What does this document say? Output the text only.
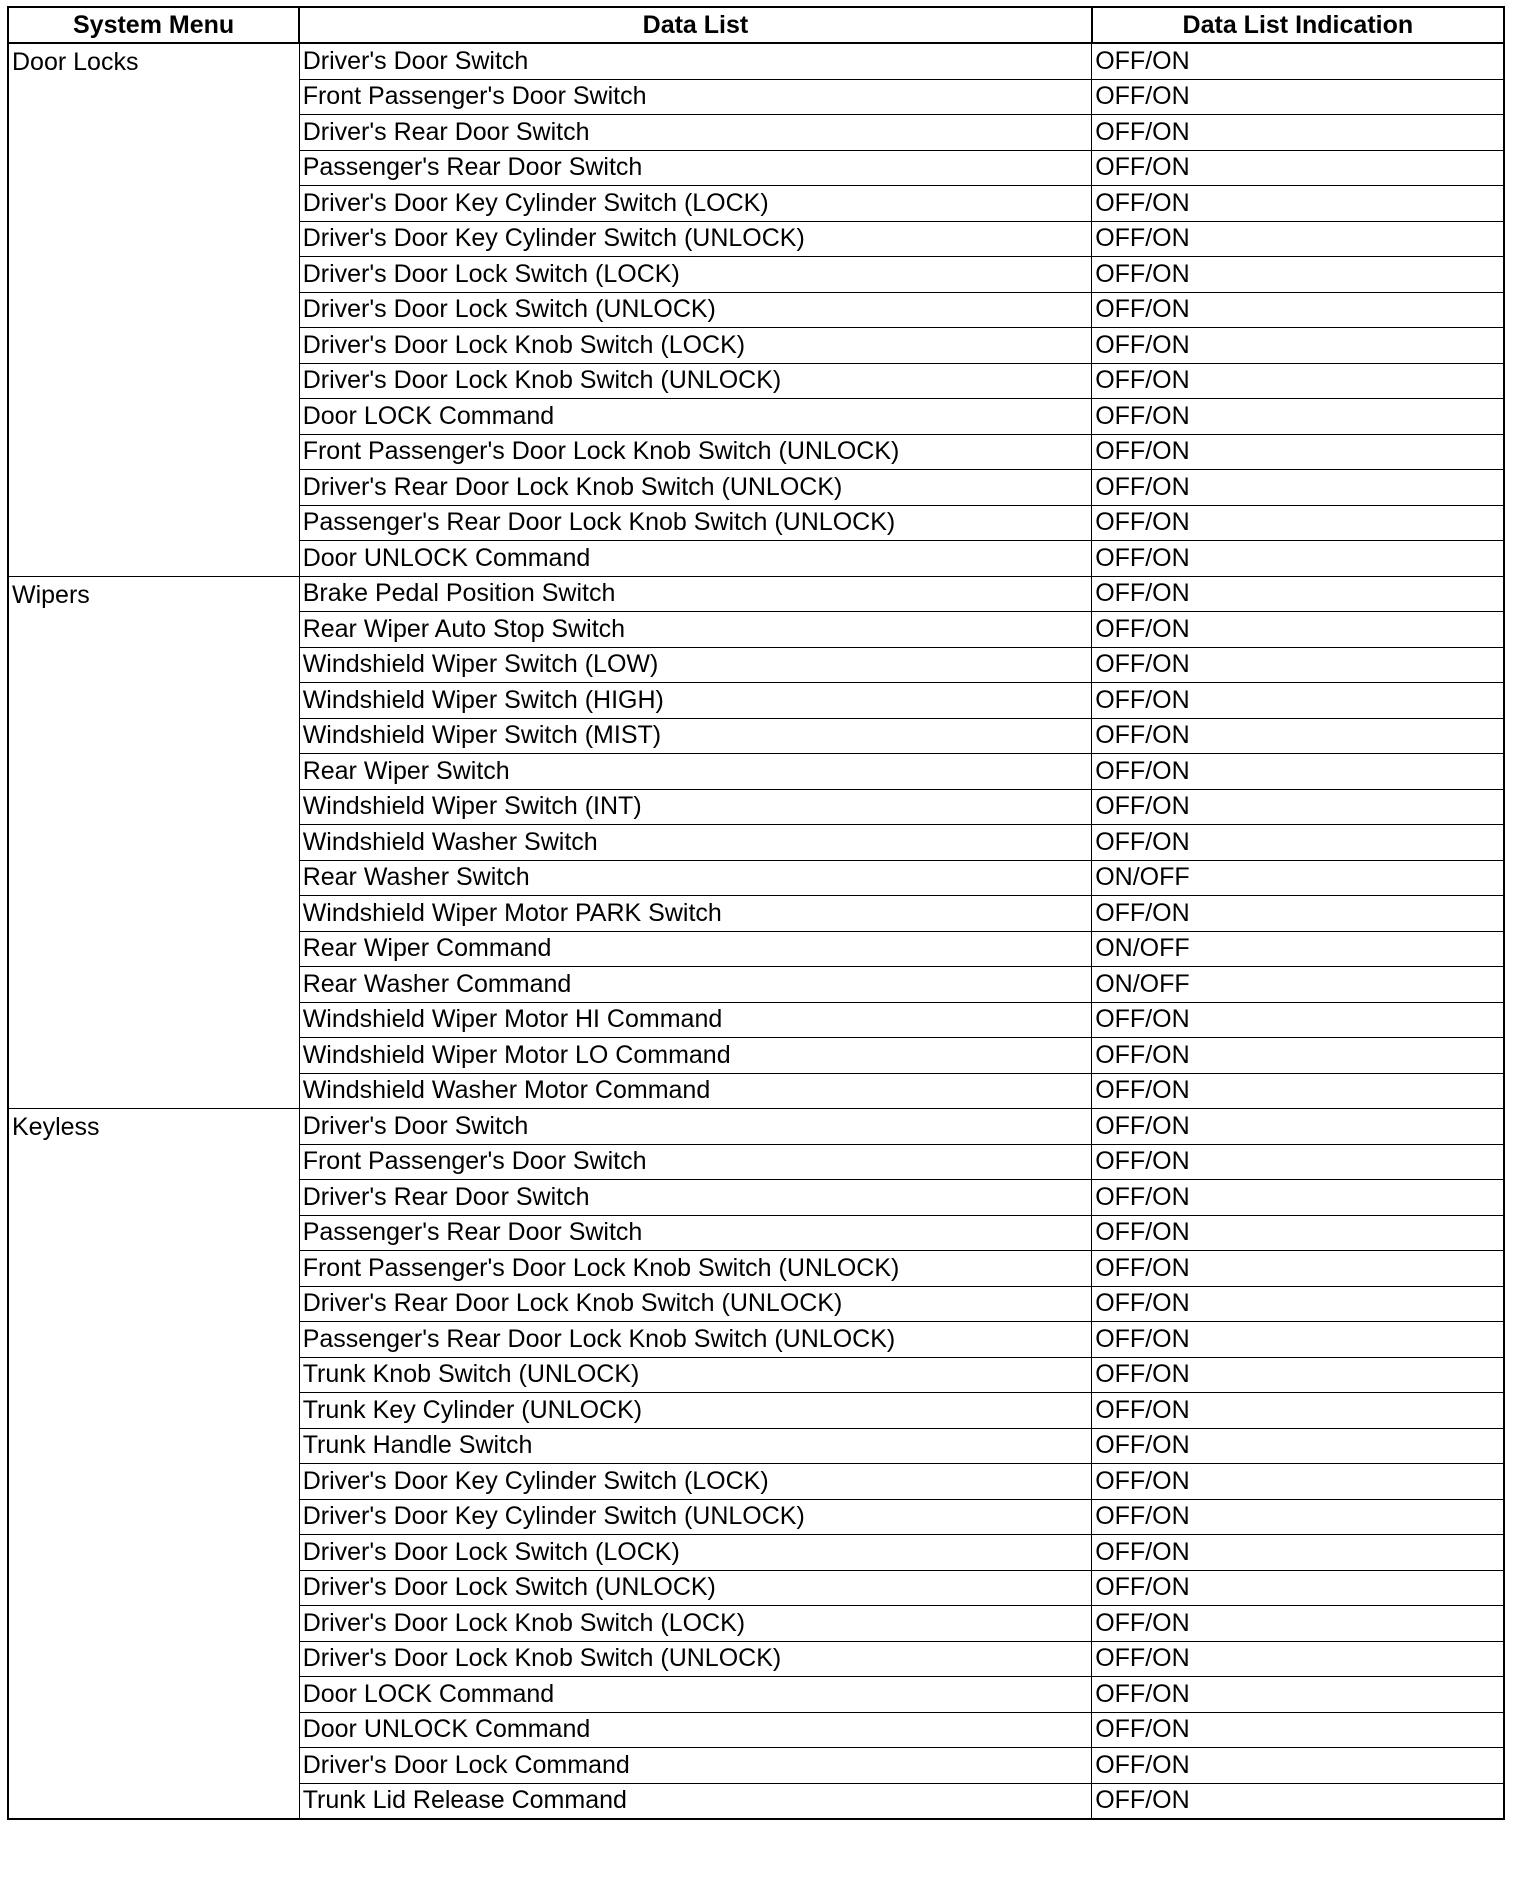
System Menu	Data List	Data List Indication
Door Locks	Driver's Door Switch	OFF/ON
	Front Passenger's Door Switch	OFF/ON
	Driver's Rear Door Switch	OFF/ON
	Passenger's Rear Door Switch	OFF/ON
	Driver's Door Key Cylinder Switch (LOCK)	OFF/ON
	Driver's Door Key Cylinder Switch (UNLOCK)	OFF/ON
	Driver's Door Lock Switch (LOCK)	OFF/ON
	Driver's Door Lock Switch (UNLOCK)	OFF/ON
	Driver's Door Lock Knob Switch (LOCK)	OFF/ON
	Driver's Door Lock Knob Switch (UNLOCK)	OFF/ON
	Door LOCK Command	OFF/ON
	Front Passenger's Door Lock Knob Switch (UNLOCK)	OFF/ON
	Driver's Rear Door Lock Knob Switch (UNLOCK)	OFF/ON
	Passenger's Rear Door Lock Knob Switch (UNLOCK)	OFF/ON
	Door UNLOCK Command	OFF/ON
Wipers	Brake Pedal Position Switch	OFF/ON
	Rear Wiper Auto Stop Switch	OFF/ON
	Windshield Wiper Switch (LOW)	OFF/ON
	Windshield Wiper Switch (HIGH)	OFF/ON
	Windshield Wiper Switch (MIST)	OFF/ON
	Rear Wiper Switch	OFF/ON
	Windshield Wiper Switch (INT)	OFF/ON
	Windshield Washer Switch	OFF/ON
	Rear Washer Switch	ON/OFF
	Windshield Wiper Motor PARK Switch	OFF/ON
	Rear Wiper Command	ON/OFF
	Rear Washer Command	ON/OFF
	Windshield Wiper Motor HI Command	OFF/ON
	Windshield Wiper Motor LO Command	OFF/ON
	Windshield Washer Motor Command	OFF/ON
Keyless	Driver's Door Switch	OFF/ON
	Front Passenger's Door Switch	OFF/ON
	Driver's Rear Door Switch	OFF/ON
	Passenger's Rear Door Switch	OFF/ON
	Front Passenger's Door Lock Knob Switch (UNLOCK)	OFF/ON
	Driver's Rear Door Lock Knob Switch (UNLOCK)	OFF/ON
	Passenger's Rear Door Lock Knob Switch (UNLOCK)	OFF/ON
	Trunk Knob Switch (UNLOCK)	OFF/ON
	Trunk Key Cylinder (UNLOCK)	OFF/ON
	Trunk Handle Switch	OFF/ON
	Driver's Door Key Cylinder Switch (LOCK)	OFF/ON
	Driver's Door Key Cylinder Switch (UNLOCK)	OFF/ON
	Driver's Door Lock Switch (LOCK)	OFF/ON
	Driver's Door Lock Switch (UNLOCK)	OFF/ON
	Driver's Door Lock Knob Switch (LOCK)	OFF/ON
	Driver's Door Lock Knob Switch (UNLOCK)	OFF/ON
	Door LOCK Command	OFF/ON
	Door UNLOCK Command	OFF/ON
	Driver's Door Lock Command	OFF/ON
	Trunk Lid Release Command	OFF/ON
